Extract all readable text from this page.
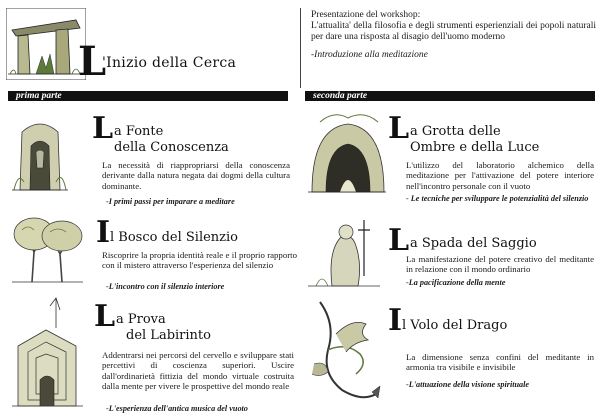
L
'Inizio della Cerca
Presentazione del workshop:
L'attualita' della filosofia e degli strumenti esperienziali dei popoli naturali per dare una risposta al disagio dell'uomo moderno
-Introduzione alla meditazione
prima parte	seconda parte
L a Fonte
della Conoscenza
La necessità di riappropriarsi della conoscenza derivante dalla natura negata dai dogmi della cultura dominante.
-I primi passi per imparare a meditare
I l Bosco del Silenzio
Riscoprire la propria identità reale e il proprio rapporto con il mistero attraverso l'esperienza del silenzio
-L'incontro con il silenzio interiore
L a Prova
del Labirinto
Addentrarsi nei percorsi del cervello e sviluppare stati percettivi di coscienza superiori. Uscire dall'ordinarietà fittizia del mondo virtuale costruita dalla mente per vivere le prospettive del mondo reale
-L'esperienza dell'antica musica del vuoto
L a Grotta delle
Ombre e della Luce
L'utilizzo del laboratorio alchemico della meditazione per l'attivazione del potere interiore nell'incontro personale con il vuoto
- Le tecniche per sviluppare le potenzialità del silenzio
L a Spada del Saggio
La manifestazione del potere creativo del meditante in relazione con il mondo ordinario
-La pacificazione della mente
I l Volo del Drago
La dimensione senza confini del meditante in armonia tra visibile e invisibile
-L'attuazione della visione spirituale
